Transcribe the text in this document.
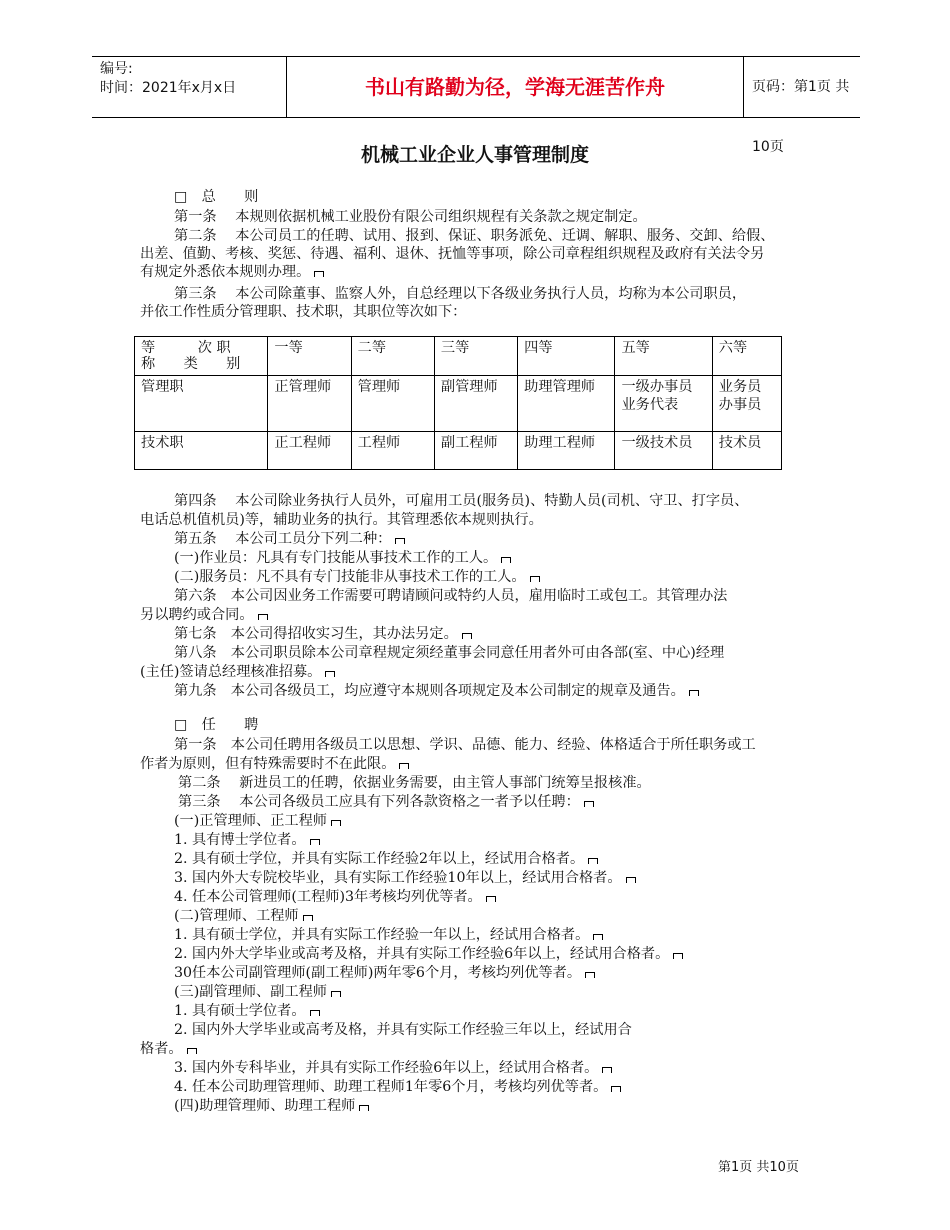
编号:
时间：2021年x月x日	书山有路勤为径，学海无涯苦作舟	页码：第1页 共10页
机械工业企业人事管理制度
□　总　　则
第一条　 本规则依据机械工业股份有限公司组织规程有关条款之规定制定。
第二条　 本公司员工的任聘、试用、报到、保证、职务派免、迁调、解职、服务、交卸、给假、
出差、值勤、考核、奖惩、待遇、福利、退休、抚恤等事项，除公司章程组织规程及政府有关法令另
有规定外悉依本规则办理。
第三条　 本公司除董事、监察人外，自总经理以下各级业务执行人员，均称为本公司职员，
并依工作性质分管理职、技术职，其职位等次如下：
等　　　次 职
称　　类　　别	一等	二等	三等	四等	五等	六等
管理职	正管理师	管理师	副管理师	助理管理师	一级办事员 业务代表	业务员 办事员
技术职	正工程师	工程师	副工程师	助理工程师	一级技术员	技术员
第四条　 本公司除业务执行人员外，可雇用工员(服务员)、特勤人员(司机、守卫、打字员、
电话总机值机员)等，辅助业务的执行。其管理悉依本规则执行。
第五条　 本公司工员分下列二种：
(一)作业员：凡具有专门技能从事技术工作的工人。
(二)服务员：凡不具有专门技能非从事技术工作的工人。
第六条　本公司因业务工作需要可聘请顾问或特约人员，雇用临时工或包工。其管理办法
另以聘约或合同。
第七条　本公司得招收实习生，其办法另定。
第八条　本公司职员除本公司章程规定须经董事会同意任用者外可由各部(室、中心)经理
(主任)签请总经理核准招募。
第九条　本公司各级员工，均应遵守本规则各项规定及本公司制定的规章及通告。
□　任　　聘
第一条　本公司任聘用各级员工以思想、学识、品德、能力、经验、体格适合于所任职务或工
作者为原则，但有特殊需要时不在此限。
第二条　 新进员工的任聘，依据业务需要，由主管人事部门统筹呈报核准。
第三条　 本公司各级员工应具有下列各款资格之一者予以任聘：
(一)正管理师、正工程师
1. 具有博士学位者。
2. 具有硕士学位，并具有实际工作经验2年以上，经试用合格者。
3. 国内外大专院校毕业，具有实际工作经验10年以上，经试用合格者。
4. 任本公司管理师(工程师)3年考核均列优等者。
(二)管理师、工程师
1. 具有硕士学位，并具有实际工作经验一年以上，经试用合格者。
2. 国内外大学毕业或高考及格，并具有实际工作经验6年以上，经试用合格者。
30任本公司副管理师(副工程师)两年零6个月，考核均列优等者。
(三)副管理师、副工程师
1. 具有硕士学位者。
2. 国内外大学毕业或高考及格，并具有实际工作经验三年以上，经试用合
格者。
3. 国内外专科毕业，并具有实际工作经验6年以上，经试用合格者。
4. 任本公司助理管理师、助理工程师1年零6个月，考核均列优等者。
(四)助理管理师、助理工程师
第1页 共10页
